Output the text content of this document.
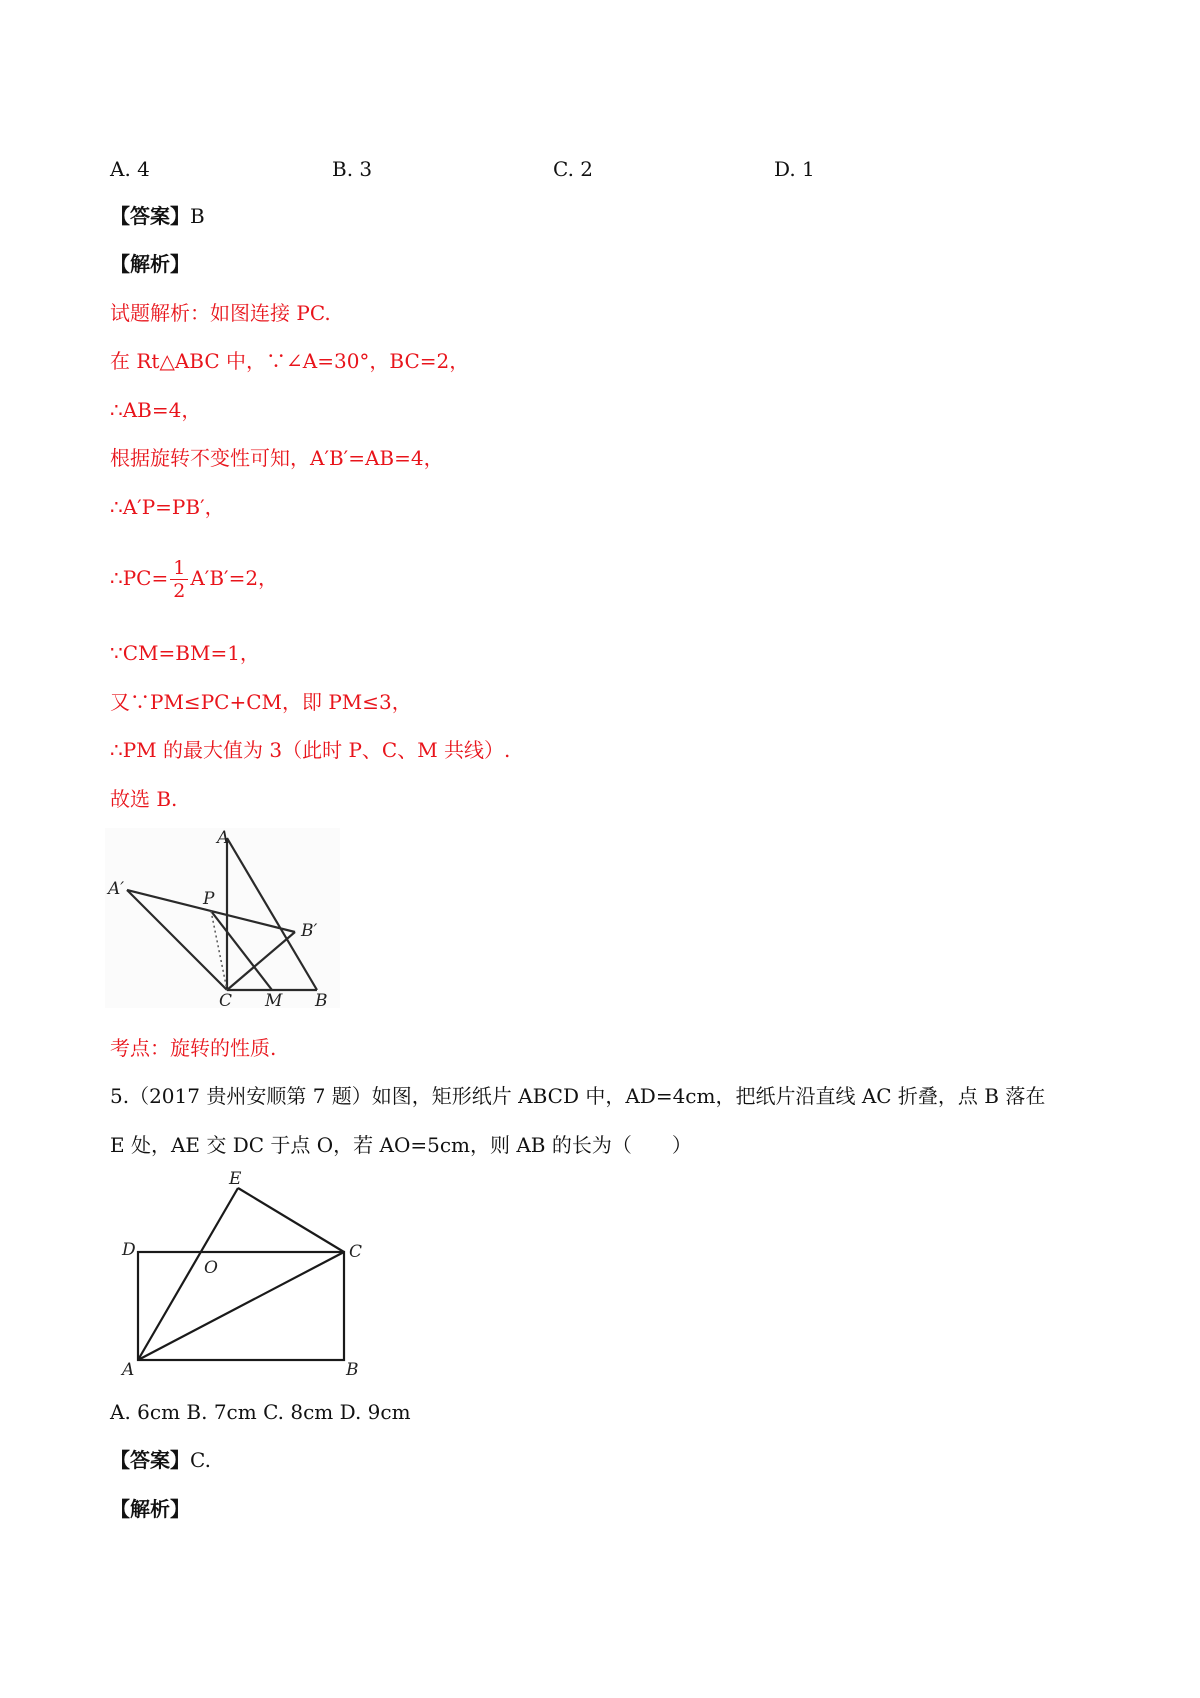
A. 4	B. 3	C. 2	D. 1
【答案】B
【解析】
试题解析：如图连接 PC.
在 Rt△ABC 中，∵∠A=30°，BC=2，
∴AB=4，
根据旋转不变性可知，A′B′=AB=4，
∴A′P=PB′，
∴PC= $\frac{1}{2} A'B'=2$，
∵CM=BM=1，
又∵PM≤PC+CM，即 PM≤3，
∴PM 的最大值为 3（此时 P、C、M 共线）.
故选 B.
A
A′	P
B′
C M B
考点：旋转的性质.
5.（2017 贵州安顺第 7 题）如图，矩形纸片 ABCD 中，AD=4cm，把纸片沿直线 AC 折叠，点 B 落在
E 处，AE 交 DC 于点 O，若 AO=5cm，则 AB 的长为（　　）
E
D
O
C
A	B
A. 6cm B. 7cm C. 8cm D. 9cm
【答案】C.
【解析】
